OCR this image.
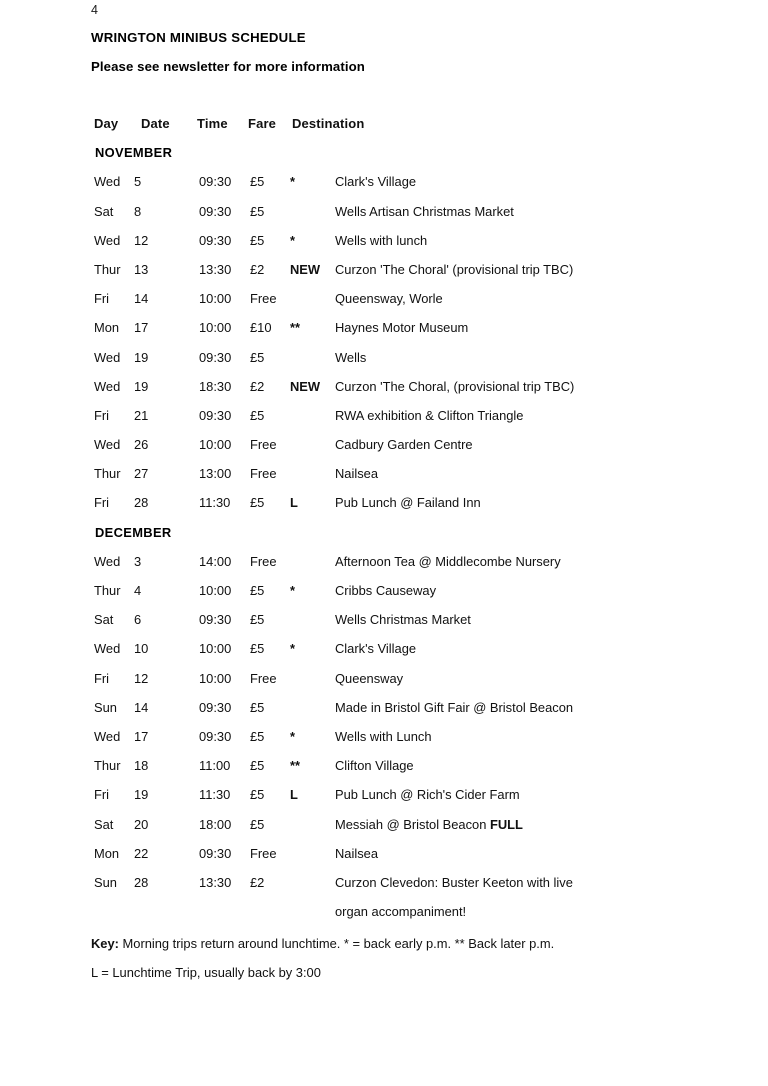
4
WRINGTON MINIBUS SCHEDULE
Please see newsletter for more information
Day Date Time Fare Destination
NOVEMBER
Wed 5	09:30 £5 *	Clark's Village
Sat 8	09:30 £5	Wells Artisan Christmas Market
Wed 12	09:30 £5 *	Wells with lunch
Thur 13	13:30 £2 NEW Curzon 'The Choral' (provisional trip TBC)
Fri 14	10:00 Free	Queensway, Worle
Mon 17	10:00 £10 **	Haynes Motor Museum
Wed 19	09:30 £5	Wells
Wed 19	18:30 £2 NEW Curzon 'The Choral, (provisional trip TBC)
Fri 21	09:30 £5	RWA exhibition & Clifton Triangle
Wed 26	10:00 Free	Cadbury Garden Centre
Thur 27	13:00 Free	Nailsea
Fri 28	11:30 £5 L	Pub Lunch @ Failand Inn
DECEMBER
Wed 3	14:00 Free	Afternoon Tea @ Middlecombe Nursery
Thur 4	10:00 £5 *	Cribbs Causeway
Sat 6	09:30 £5	Wells Christmas Market
Wed 10	10:00 £5 *	Clark's Village
Fri 12	10:00 Free	Queensway
Sun 14	09:30 £5	Made in Bristol Gift Fair @ Bristol Beacon
Wed 17	09:30 £5 *	Wells with Lunch
Thur 18	11:00 £5 **	Clifton Village
Fri 19	11:30 £5 L	Pub Lunch @ Rich's Cider Farm
Sat 20	18:00 £5	Messiah @ Bristol Beacon FULL
Mon 22	09:30 Free	Nailsea
Sun 28	13:30 £2	Curzon Clevedon: Buster Keeton with live
organ accompaniment!
Key: Morning trips return around lunchtime. * = back early p.m. ** Back later p.m.
L = Lunchtime Trip, usually back by 3:00
